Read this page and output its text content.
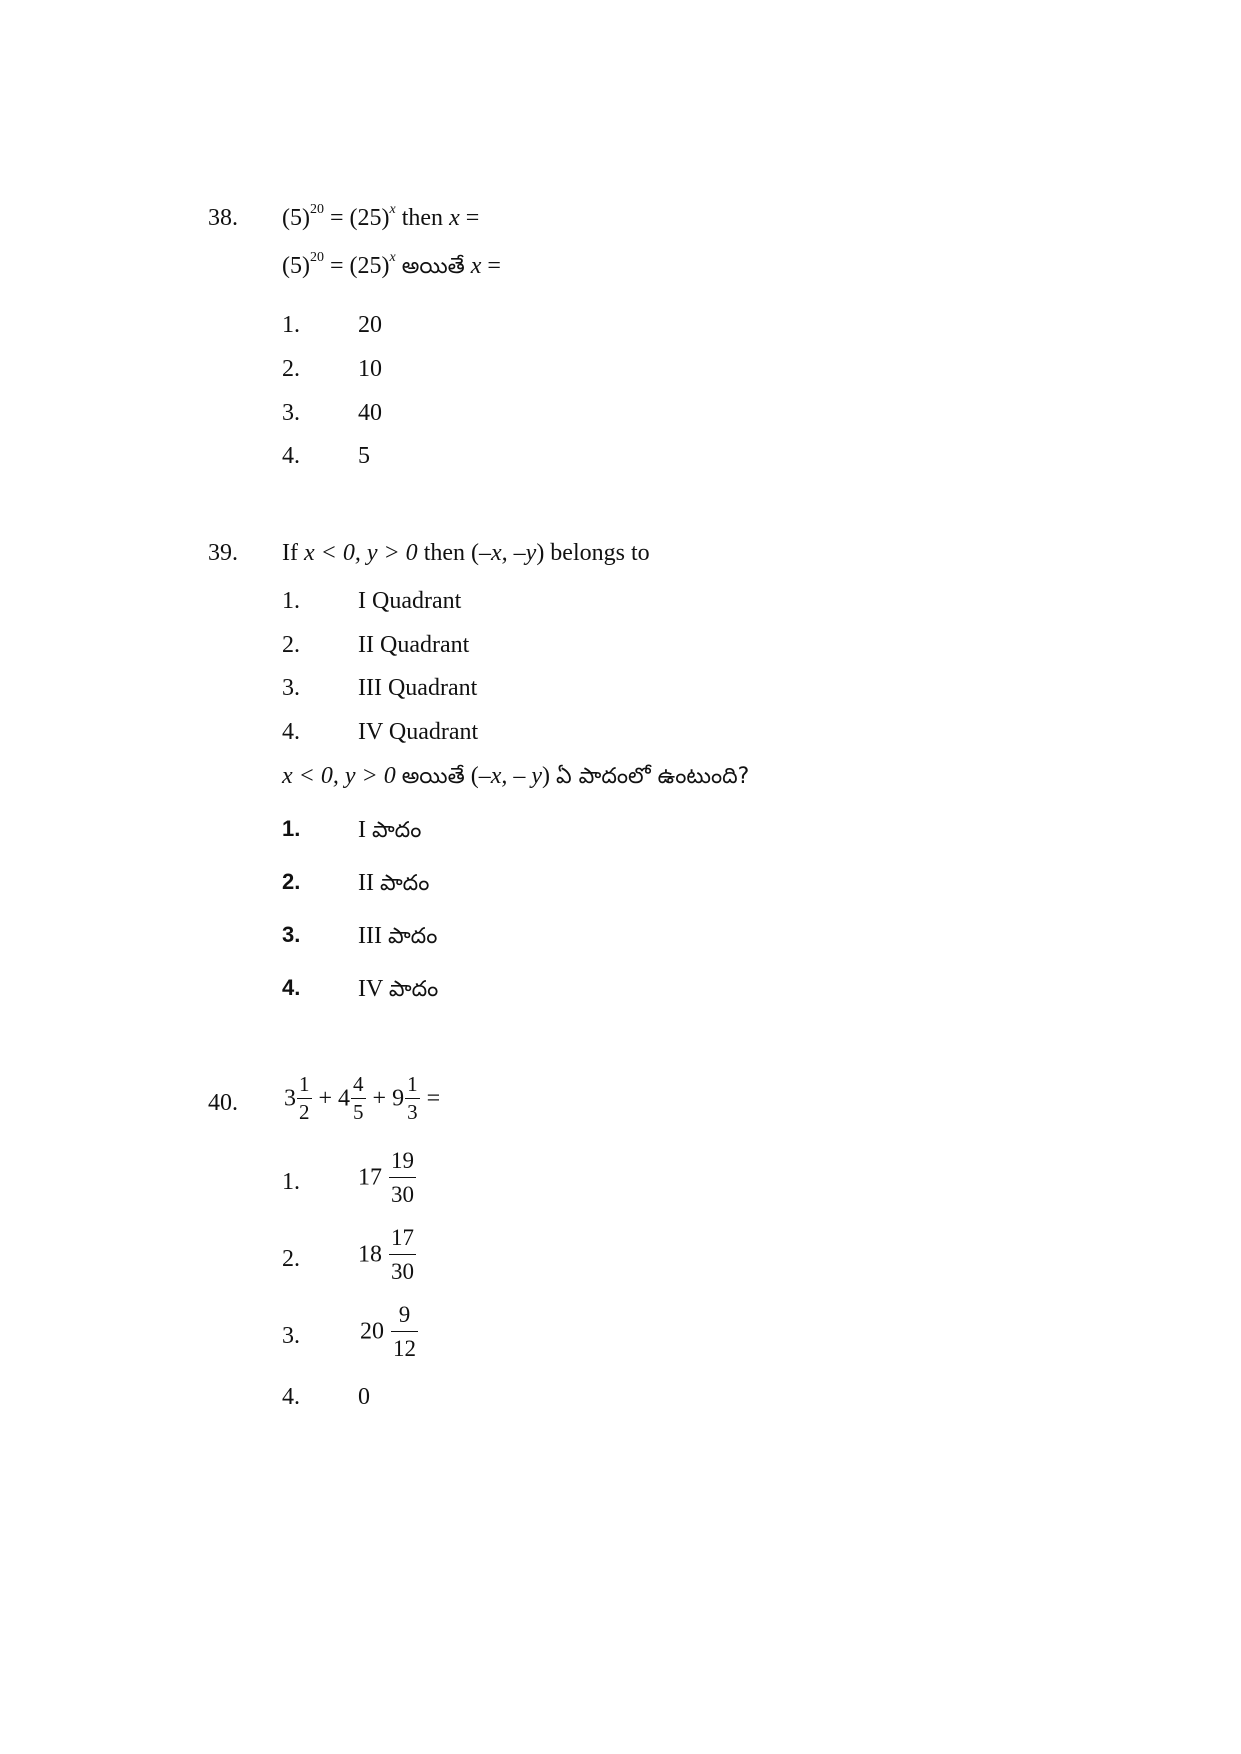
38. $(5)^{20} = (25)^x$ then x =
$(5)^{20} = (25)^x$ అయితే x =
1. 20
2. 10
3. 40
4. 5
39. If x < 0, y > 0 then (–x, –y) belongs to
1. I Quadrant
2. II Quadrant
3. III Quadrant
4. IV Quadrant
x < 0, y > 0 అయితే (–x, – y) ఏ పాదంలో ఉంటుంది?
1. I పాదం
2. II పాదం
3. III పాదం
4. IV పాదం
40. $3 \frac{1}{2} + 4 \frac{4}{5} + 9 \frac{1}{3}$ =
1. $17 \frac{19}{30}$
2. $18 \frac{17}{30}$
3.	$20 \frac{9}{12}$
4. 0
